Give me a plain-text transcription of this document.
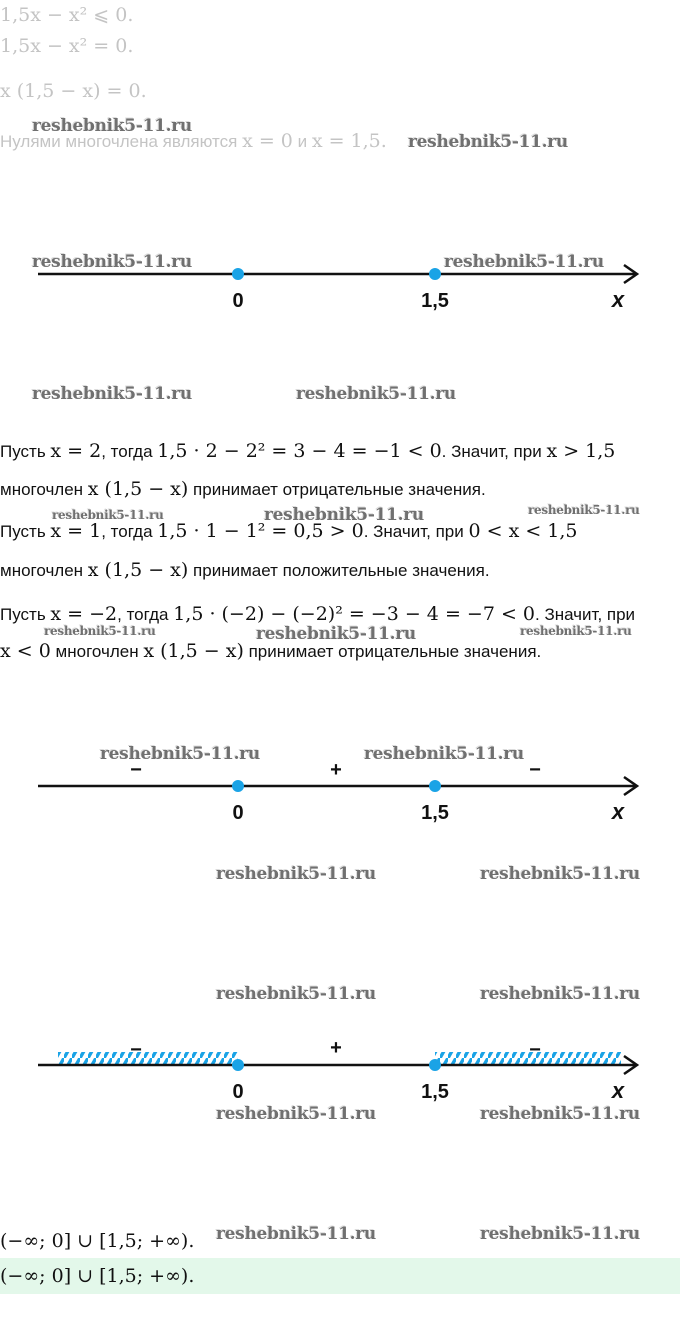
1,5x − x² ⩽ 0.
1,5x − x² = 0.
x (1,5 − x) = 0.
Нулями многочлена являются x = 0 и x = 1,5.
0	1,5	x
Пусть x = 2, тогда 1,5 · 2 − 2² = 3 − 4 = −1 < 0. Значит, при x > 1,5
многочлен x (1,5 − x) принимает отрицательные значения.
Пусть x = 1, тогда 1,5 · 1 − 1² = 0,5 > 0. Значит, при 0 < x < 1,5
многочлен x (1,5 − x) принимает положительные значения.
Пусть x = −2, тогда 1,5 · (−2) − (−2)² = −3 − 4 = −7 < 0. Значит, при
x < 0 многочлен x (1,5 − x) принимает отрицательные значения.
−	+	−
0	1,5	x
−	+	−
0	1,5	x
(−∞; 0] ∪ [1,5; +∞).
(−∞; 0] ∪ [1,5; +∞).
reshebnik5-11.ru
reshebnik5-11.ru
reshebnik5-11.ru	reshebnik5-11.ru
reshebnik5-11.ru	reshebnik5-11.ru
reshebnik5-11.ru	reshebnik5-11.ru	reshebnik5-11.ru
reshebnik5-11.ru	reshebnik5-11.ru	reshebnik5-11.ru
reshebnik5-11.ru	reshebnik5-11.ru
reshebnik5-11.ru	reshebnik5-11.ru
reshebnik5-11.ru	reshebnik5-11.ru
reshebnik5-11.ru	reshebnik5-11.ru
reshebnik5-11.ru	reshebnik5-11.ru
